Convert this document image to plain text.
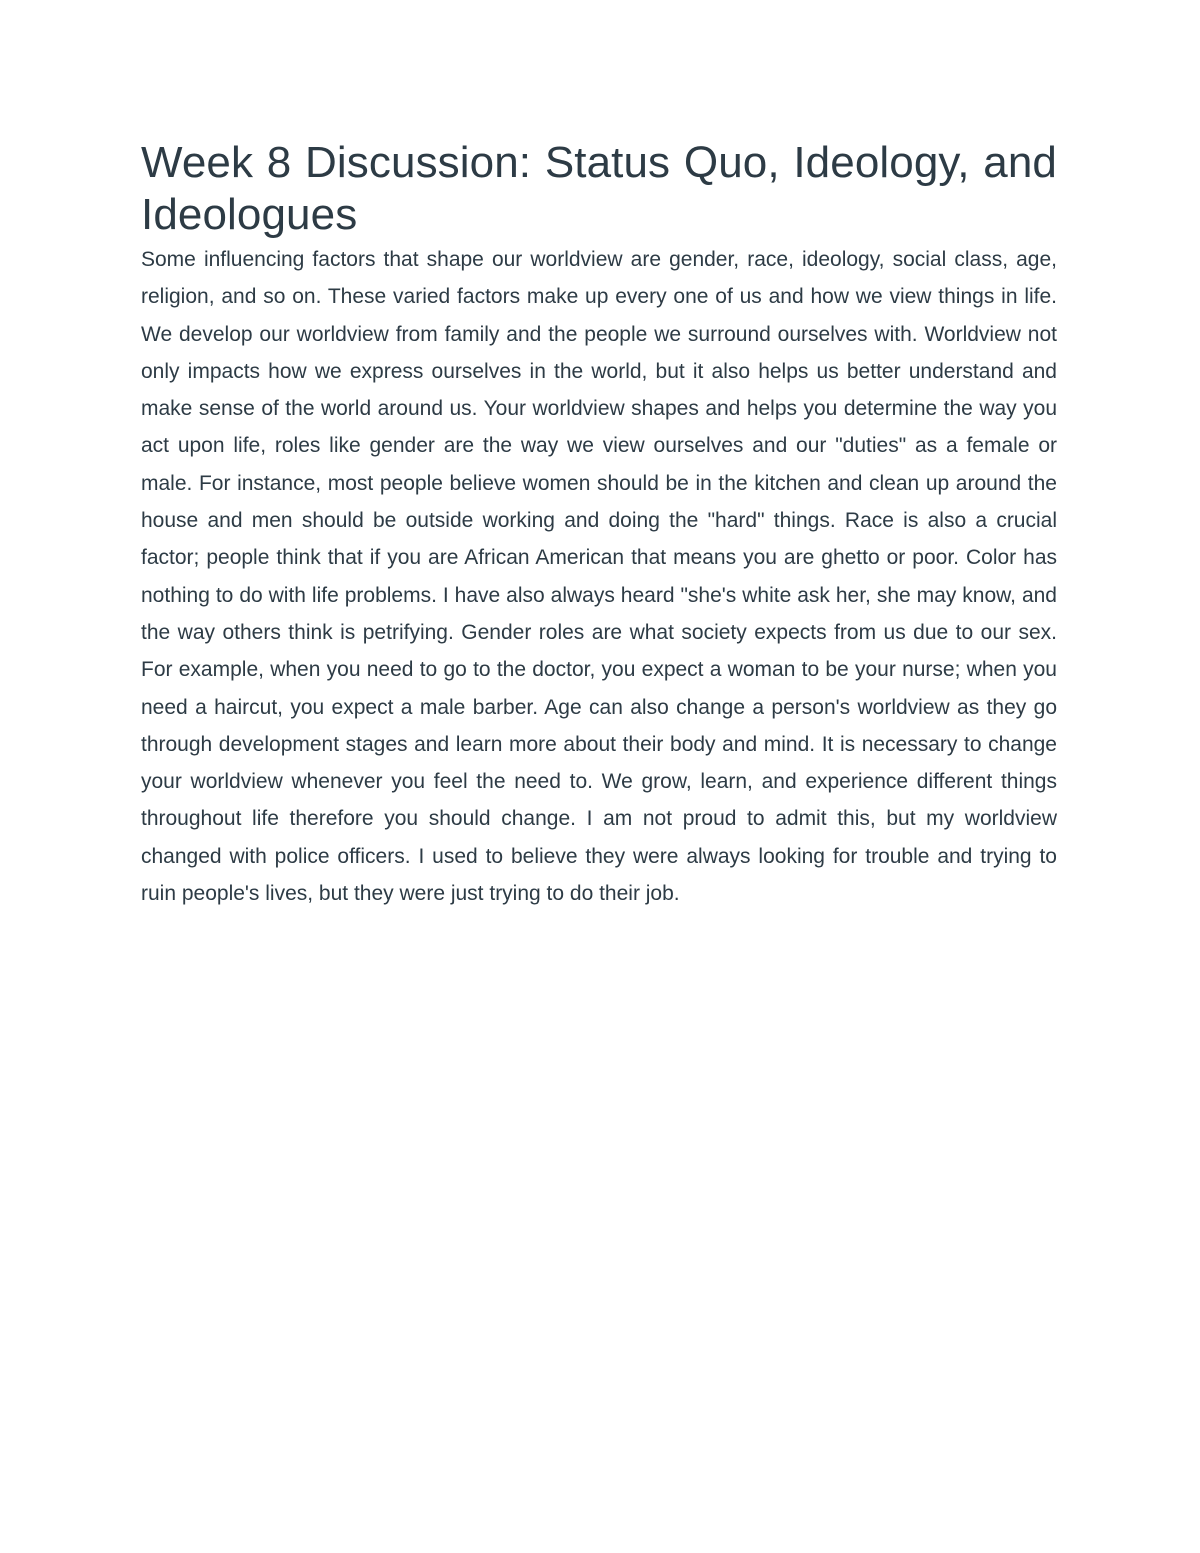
Week 8 Discussion: Status Quo, Ideology, and Ideologues

Some influencing factors that shape our worldview are gender, race, ideology, social class, age, religion, and so on. These varied factors make up every one of us and how we view things in life. We develop our worldview from family and the people we surround ourselves with. Worldview not only impacts how we express ourselves in the world, but it also helps us better understand and make sense of the world around us. Your worldview shapes and helps you determine the way you act upon life, roles like gender are the way we view ourselves and our "duties" as a female or male. For instance, most people believe women should be in the kitchen and clean up around the house and men should be outside working and doing the "hard" things. Race is also a crucial factor; people think that if you are African American that means you are ghetto or poor. Color has nothing to do with life problems. I have also always heard "she's white ask her, she may know, and the way others think is petrifying. Gender roles are what society expects from us due to our sex. For example, when you need to go to the doctor, you expect a woman to be your nurse; when you need a haircut, you expect a male barber. Age can also change a person's worldview as they go through development stages and learn more about their body and mind. It is necessary to change your worldview whenever you feel the need to. We grow, learn, and experience different things throughout life therefore you should change. I am not proud to admit this, but my worldview changed with police officers. I used to believe they were always looking for trouble and trying to ruin people's lives, but they were just trying to do their job.
